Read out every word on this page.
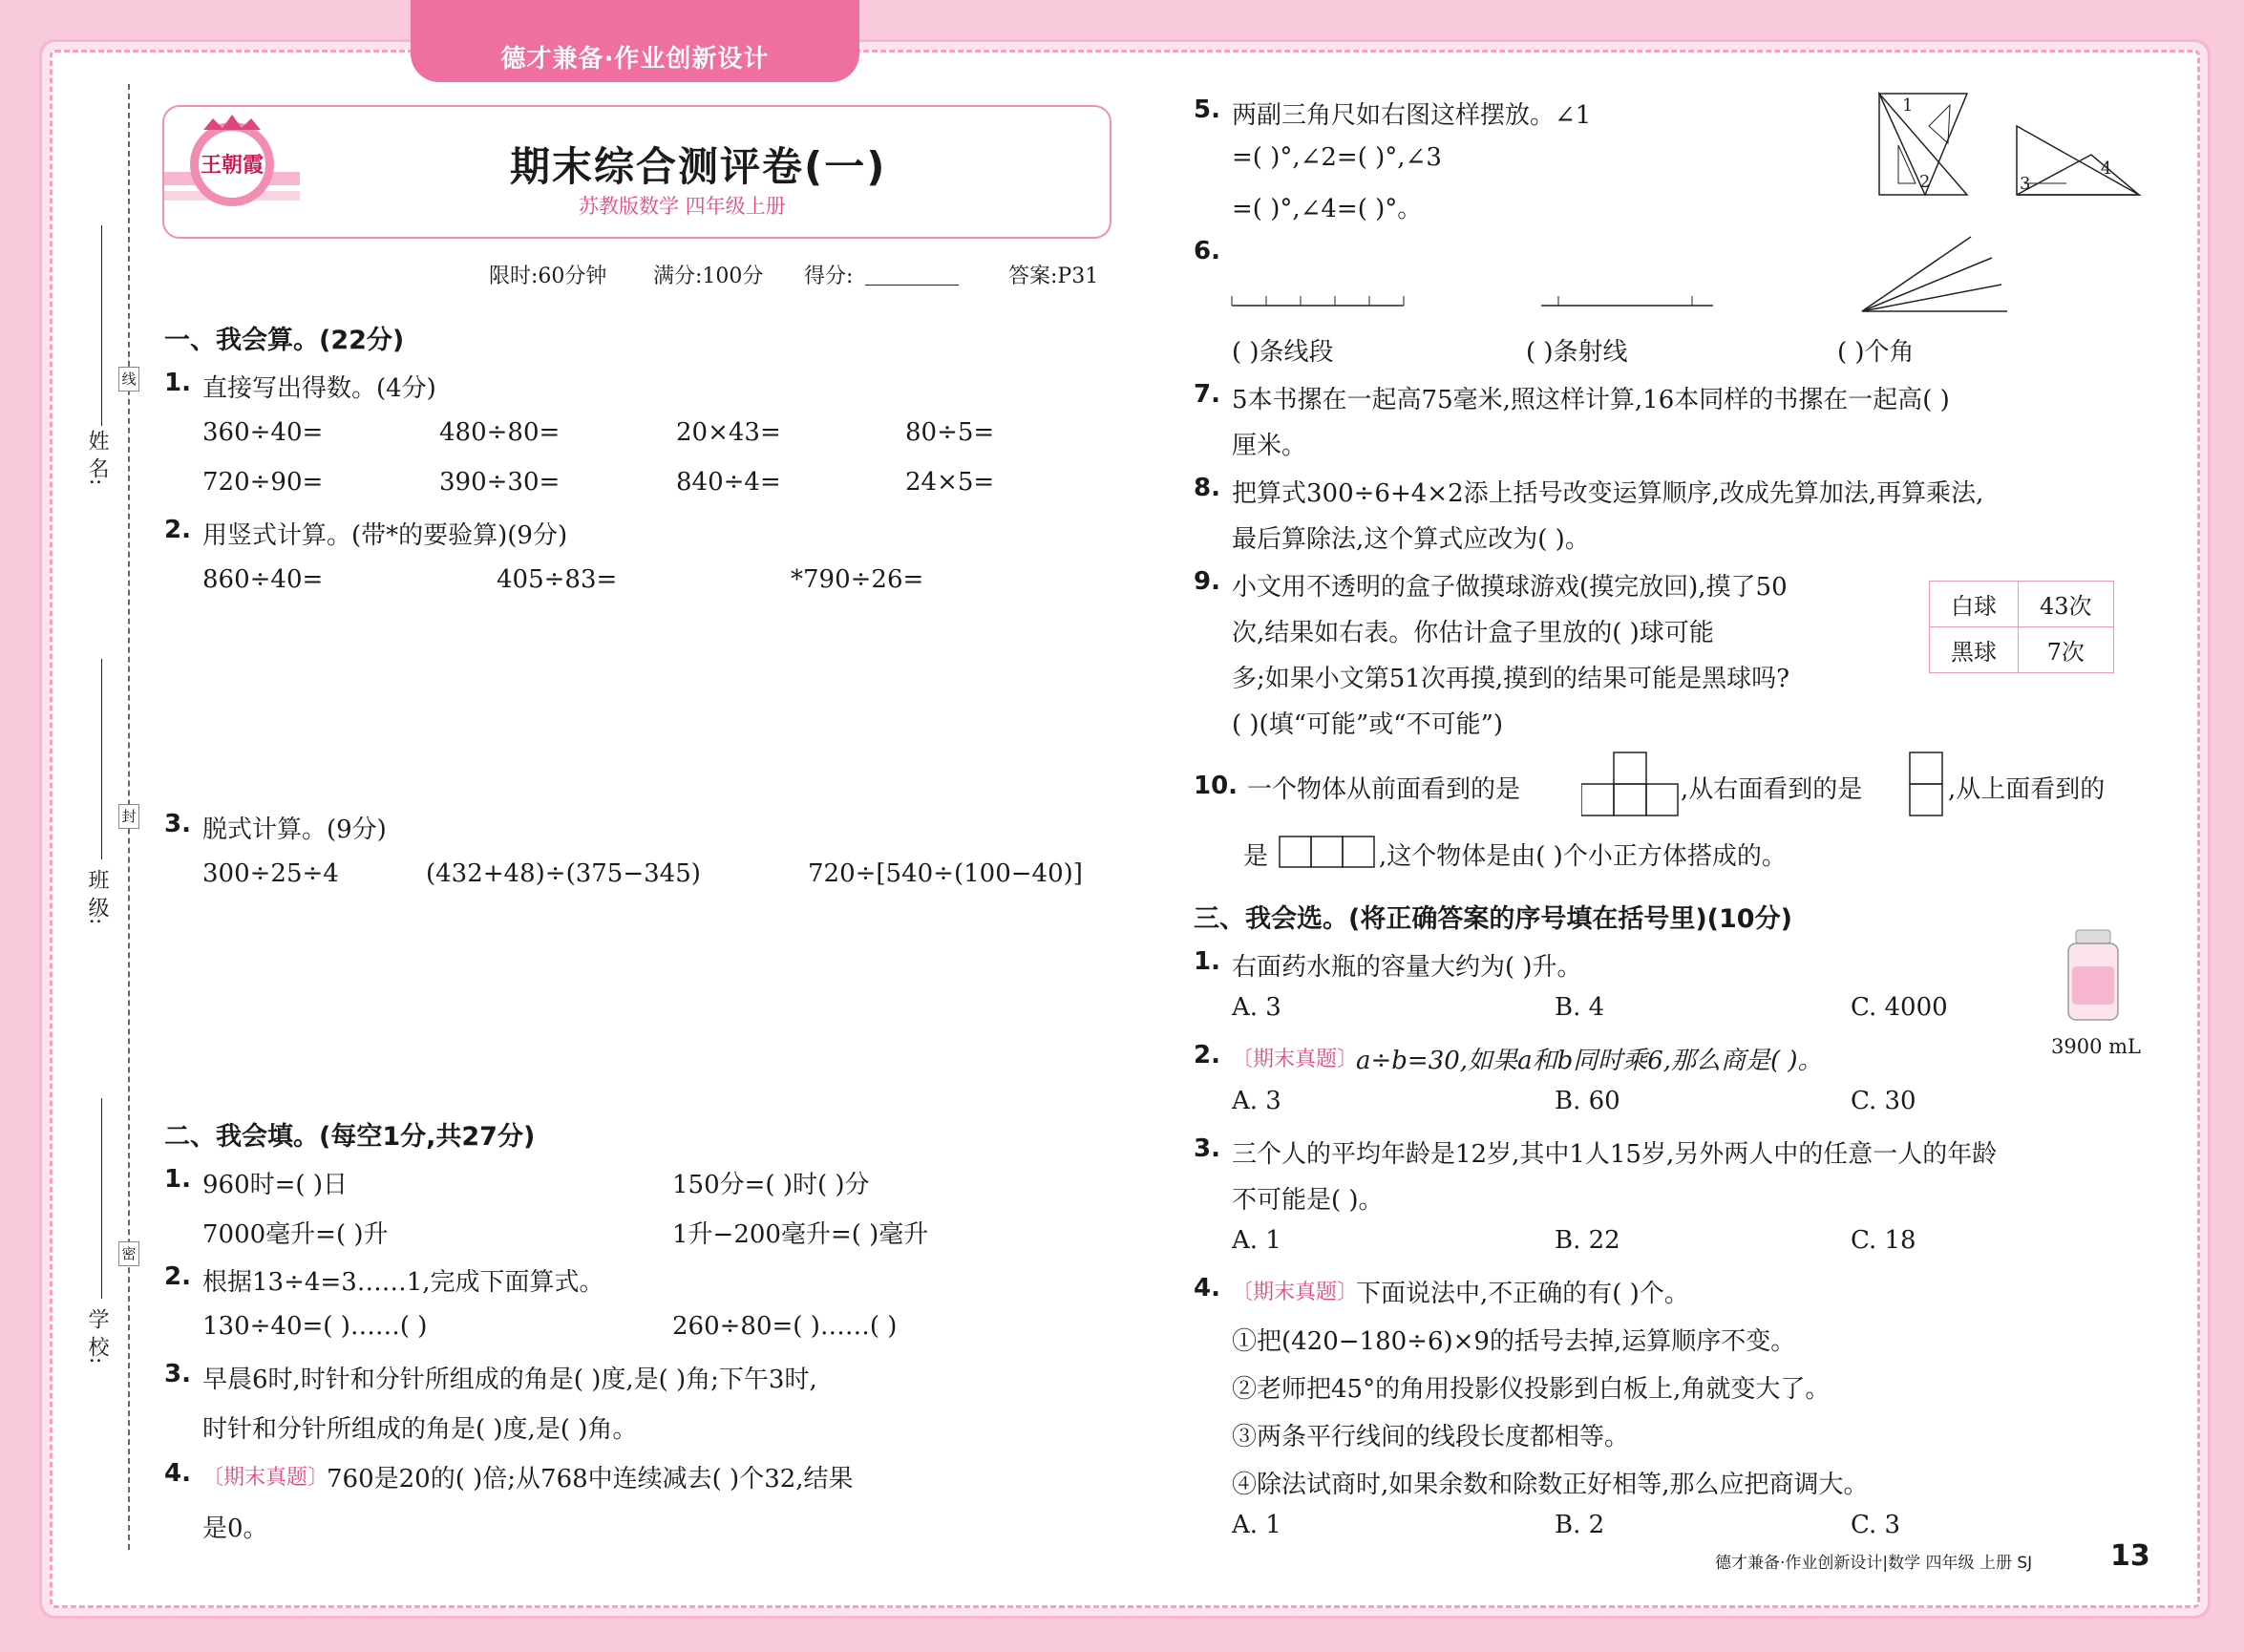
德才兼备·作业创新设计
线
封
密
姓 名:
班 级:
学 校:
王朝霞	期末综合测评卷(一)
苏教版数学 四年级上册
限时:60分钟 满分:100分 得分:	答案:P31
一、我会算。(22分)
1. 直接写出得数。(4分)
360÷40=	480÷80=	20×43=	80÷5=
720÷90=	390÷30=	840÷4=	24×5=
2. 用竖式计算。(带*的要验算)(9分)
860÷40=	405÷83=	*790÷26=
3. 脱式计算。(9分)
300÷25÷4	(432+48)÷(375−345)	720÷[540÷(100−40)]
二、我会填。(每空1分,共27分)
1. 960时=( )日	150分=( )时( )分
7000毫升=( )升	1升−200毫升=( )毫升
2. 根据13÷4=3……1,完成下面算式。
130÷40=( )……( )	260÷80=( )……( )
3. 早晨6时,时针和分针所组成的角是( )度,是( )角;下午3时,
时针和分针所组成的角是( )度,是( )角。
4. 〔期末真题〕
760是20的( )倍;从768中连续减去( )个32,结果
是0。
5. 两副三角尺如右图这样摆放。∠1
=( )°,∠2=( )°,∠3
=( )°,∠4=( )°。
1
2	3
4
6.
( )条线段	( )条射线	( )个角
7. 5本书摞在一起高75毫米,照这样计算,16本同样的书摞在一起高( )
厘米。
8. 把算式300÷6+4×2添上括号改变运算顺序,改成先算加法,再算乘法,
最后算除法,这个算式应改为( )。
9. 小文用不透明的盒子做摸球游戏(摸完放回),摸了50
次,结果如右表。你估计盒子里放的( )球可能
多;如果小文第51次再摸,摸到的结果可能是黑球吗?
( )(填“可能”或“不可能”)
白球	43次
黑球	7次
10. 一个物体从前面看到的是	,从右面看到的是	,从上面看到的
是	,这个物体是由( )个小正方体搭成的。
三、我会选。(将正确答案的序号填在括号里)(10分)
1. 右面药水瓶的容量大约为( )升。
A. 3	B. 4	C. 4000
3900 mL
2. 〔期末真题〕
a÷b=30,如果a和b同时乘6,那么商是( )。
A. 3	B. 60	C. 30
3. 三个人的平均年龄是12岁,其中1人15岁,另外两人中的任意一人的年龄
不可能是( )。
A. 1	B. 22	C. 18
4. 〔期末真题〕
下面说法中,不正确的有( )个。
①把(420−180÷6)×9的括号去掉,运算顺序不变。
②老师把45°的角用投影仪投影到白板上,角就变大了。
③两条平行线间的线段长度都相等。
④除法试商时,如果余数和除数正好相等,那么应把商调大。
A. 1	B. 2	C. 3
德才兼备·作业创新设计|数学 四年级 上册 SJ	13
